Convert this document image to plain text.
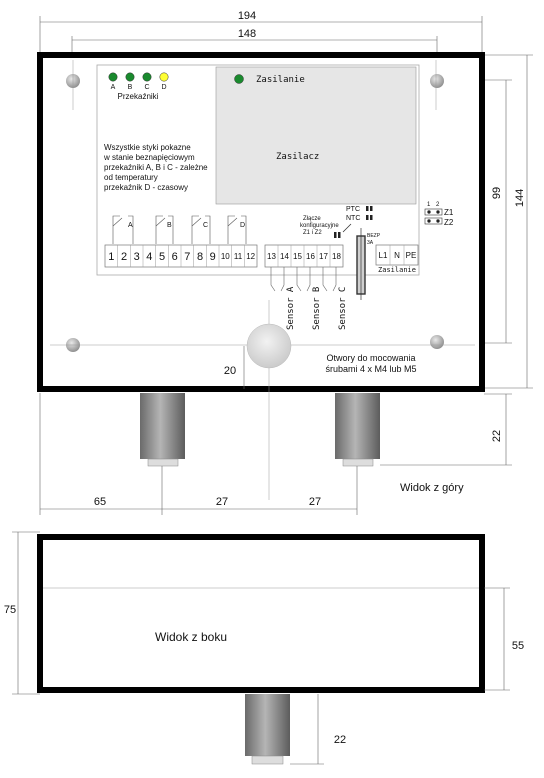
194
148
144
99
22
A B C D
Przekaźniki
Zasilanie
Zasilacz
Wszystkie styki pokazne
w stanie beznapięciowym
przekaźniki A, B i C - zależne
od temperatury
przekaźnik D - czasowy
A	B	C	D
1 2 3 4 5 6 7 8 9 10 11 12 13 14 15 16 17 18
Sensor A Sensor B Sensor C
BEZP
3A
L1 N PE
Zasilanie
PTC
NTC
Złącze
konfiguracyjne
Z1 i Z2
1 2
Z1
Z2
20
Otwory do mocowania
śrubami 4 x M4 lub M5
65	27	27
Widok z góry
Widok z boku
75
55
22
